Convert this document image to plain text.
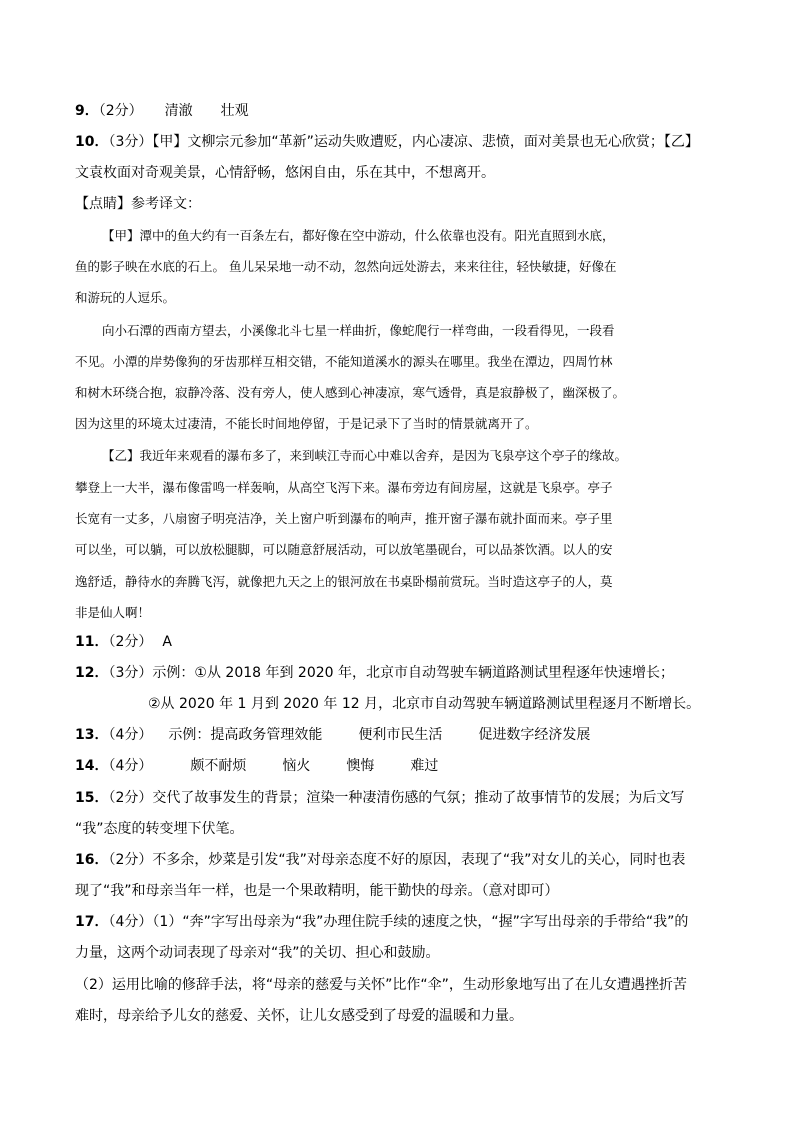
9．（2分） 清澈 壮观
10．（3分）【甲】文柳宗元参加“革新”运动失败遭贬，内心凄凉、悲愤，面对美景也无心欣赏；【乙】
文袁枚面对奇观美景，心情舒畅，悠闲自由，乐在其中，不想离开。
【点睛】参考译文：
【甲】潭中的鱼大约有一百条左右，都好像在空中游动，什么依靠也没有。阳光直照到水底，
鱼的影子映在水底的石上。 鱼儿呆呆地一动不动，忽然向远处游去，来来往往，轻快敏捷，好像在
和游玩的人逗乐。
向小石潭的西南方望去，小溪像北斗七星一样曲折，像蛇爬行一样弯曲，一段看得见，一段看
不见。小潭的岸势像狗的牙齿那样互相交错，不能知道溪水的源头在哪里。我坐在潭边，四周竹林
和树木环绕合抱，寂静冷落、没有旁人，使人感到心神凄凉，寒气透骨，真是寂静极了，幽深极了。
因为这里的环境太过凄清，不能长时间地停留，于是记录下了当时的情景就离开了。
【乙】我近年来观看的瀑布多了，来到峡江寺而心中难以舍弃，是因为飞泉亭这个亭子的缘故。
攀登上一大半，瀑布像雷鸣一样轰响，从高空飞泻下来。瀑布旁边有间房屋，这就是飞泉亭。亭子
长宽有一丈多，八扇窗子明亮洁净，关上窗户听到瀑布的响声，推开窗子瀑布就扑面而来。亭子里
可以坐，可以躺，可以放松腿脚，可以随意舒展活动，可以放笔墨砚台，可以品茶饮酒。以人的安
逸舒适，静待水的奔腾飞泻，就像把九天之上的银河放在书桌卧榻前赏玩。当时造这亭子的人，莫
非是仙人啊！
11．（2分） A
12．（3分）示例：①从 2018 年到 2020 年，北京市自动驾驶车辆道路测试里程逐年快速增长；
②从 2020 年 1 月到 2020 年 12 月，北京市自动驾驶车辆道路测试里程逐月不断增长。
13．（4分） 示例：提高政务管理效能	便利市民生活	促进数字经济发展
14．（4分）	颇不耐烦	恼火	懊悔	难过
15．（2分）交代了故事发生的背景；渲染一种凄清伤感的气氛；推动了故事情节的发展；为后文写
“我”态度的转变埋下伏笔。
16．（2分）不多余，炒菜是引发“我”对母亲态度不好的原因，表现了“我”对女儿的关心，同时也表
现了“我”和母亲当年一样，也是一个果敢精明，能干勤快的母亲。（意对即可）
17．（4分）（1）“奔”字写出母亲为“我”办理住院手续的速度之快，“握”字写出母亲的手带给“我”的
力量，这两个动词表现了母亲对“我”的关切、担心和鼓励。
（2）运用比喻的修辞手法，将“母亲的慈爱与关怀”比作“伞”，生动形象地写出了在儿女遭遇挫折苦
难时，母亲给予儿女的慈爱、关怀，让儿女感受到了母爱的温暖和力量。
